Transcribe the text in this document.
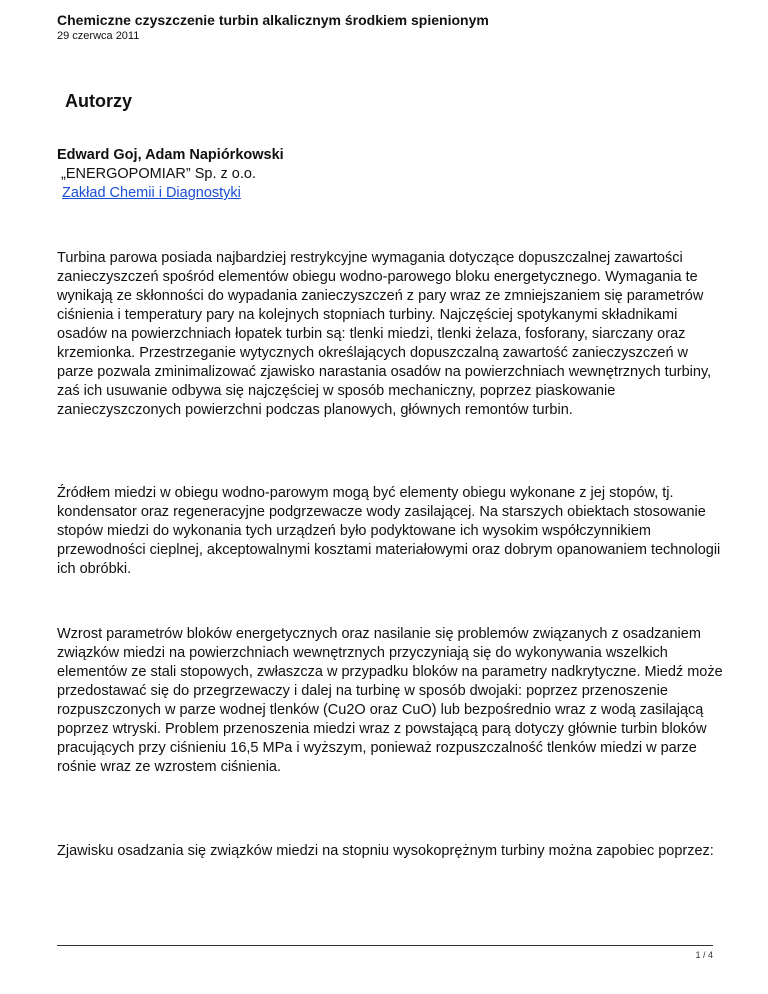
Chemiczne czyszczenie turbin alkalicznym środkiem spienionym
29 czerwca 2011
Autorzy
Edward Goj, Adam Napiórkowski
„ENERGOPOMIAR” Sp. z o.o.
Zakład Chemii i Diagnostyki

Turbina parowa posiada najbardziej restrykcyjne wymagania dotyczące dopuszczalnej zawartości zanieczyszczeń spośród elementów obiegu wodno-parowego bloku energetycznego. Wymagania te wynikają ze skłonności do wypadania zanieczyszczeń z pary wraz ze zmniejszaniem się parametrów ciśnienia i temperatury pary na kolejnych stopniach turbiny. Najczęściej spotykanymi składnikami osadów na powierzchniach łopatek turbin są: tlenki miedzi, tlenki żelaza, fosforany, siarczany oraz krzemionka. Przestrzeganie wytycznych określających dopuszczalną zawartość zanieczyszczeń w parze pozwala zminimalizować zjawisko narastania osadów na powierzchniach wewnętrznych turbiny, zaś ich usuwanie odbywa się najczęściej w sposób mechaniczny, poprzez piaskowanie zanieczyszczonych powierzchni podczas planowych, głównych remontów turbin.

Źródłem miedzi w obiegu wodno-parowym mogą być elementy obiegu wykonane z jej stopów, tj. kondensator oraz regeneracyjne podgrzewacze wody zasilającej. Na starszych obiektach stosowanie stopów miedzi do wykonania tych urządzeń było podyktowane ich wysokim współczynnikiem przewodności cieplnej, akceptowalnymi kosztami materiałowymi oraz dobrym opanowaniem technologii ich obróbki.

Wzrost parametrów bloków energetycznych oraz nasilanie się problemów związanych z osadzaniem związków miedzi na powierzchniach wewnętrznych przyczyniają się do wykonywania wszelkich elementów ze stali stopowych, zwłaszcza w przypadku bloków na parametry nadkrytyczne. Miedź może przedostawać się do przegrzewaczy i dalej na turbinę w sposób dwojaki: poprzez przenoszenie rozpuszczonych w parze wodnej tlenków (Cu2O oraz CuO) lub bezpośrednio wraz z wodą zasilającą poprzez wtryski. Problem przenoszenia miedzi wraz z powstającą parą dotyczy głównie turbin bloków pracujących przy ciśnieniu 16,5 MPa i wyższym, ponieważ rozpuszczalność tlenków miedzi w parze rośnie wraz ze wzrostem ciśnienia.

Zjawisku osadzania się związków miedzi na stopniu wysokoprężnym turbiny można zapobiec poprzez:

1 / 4
